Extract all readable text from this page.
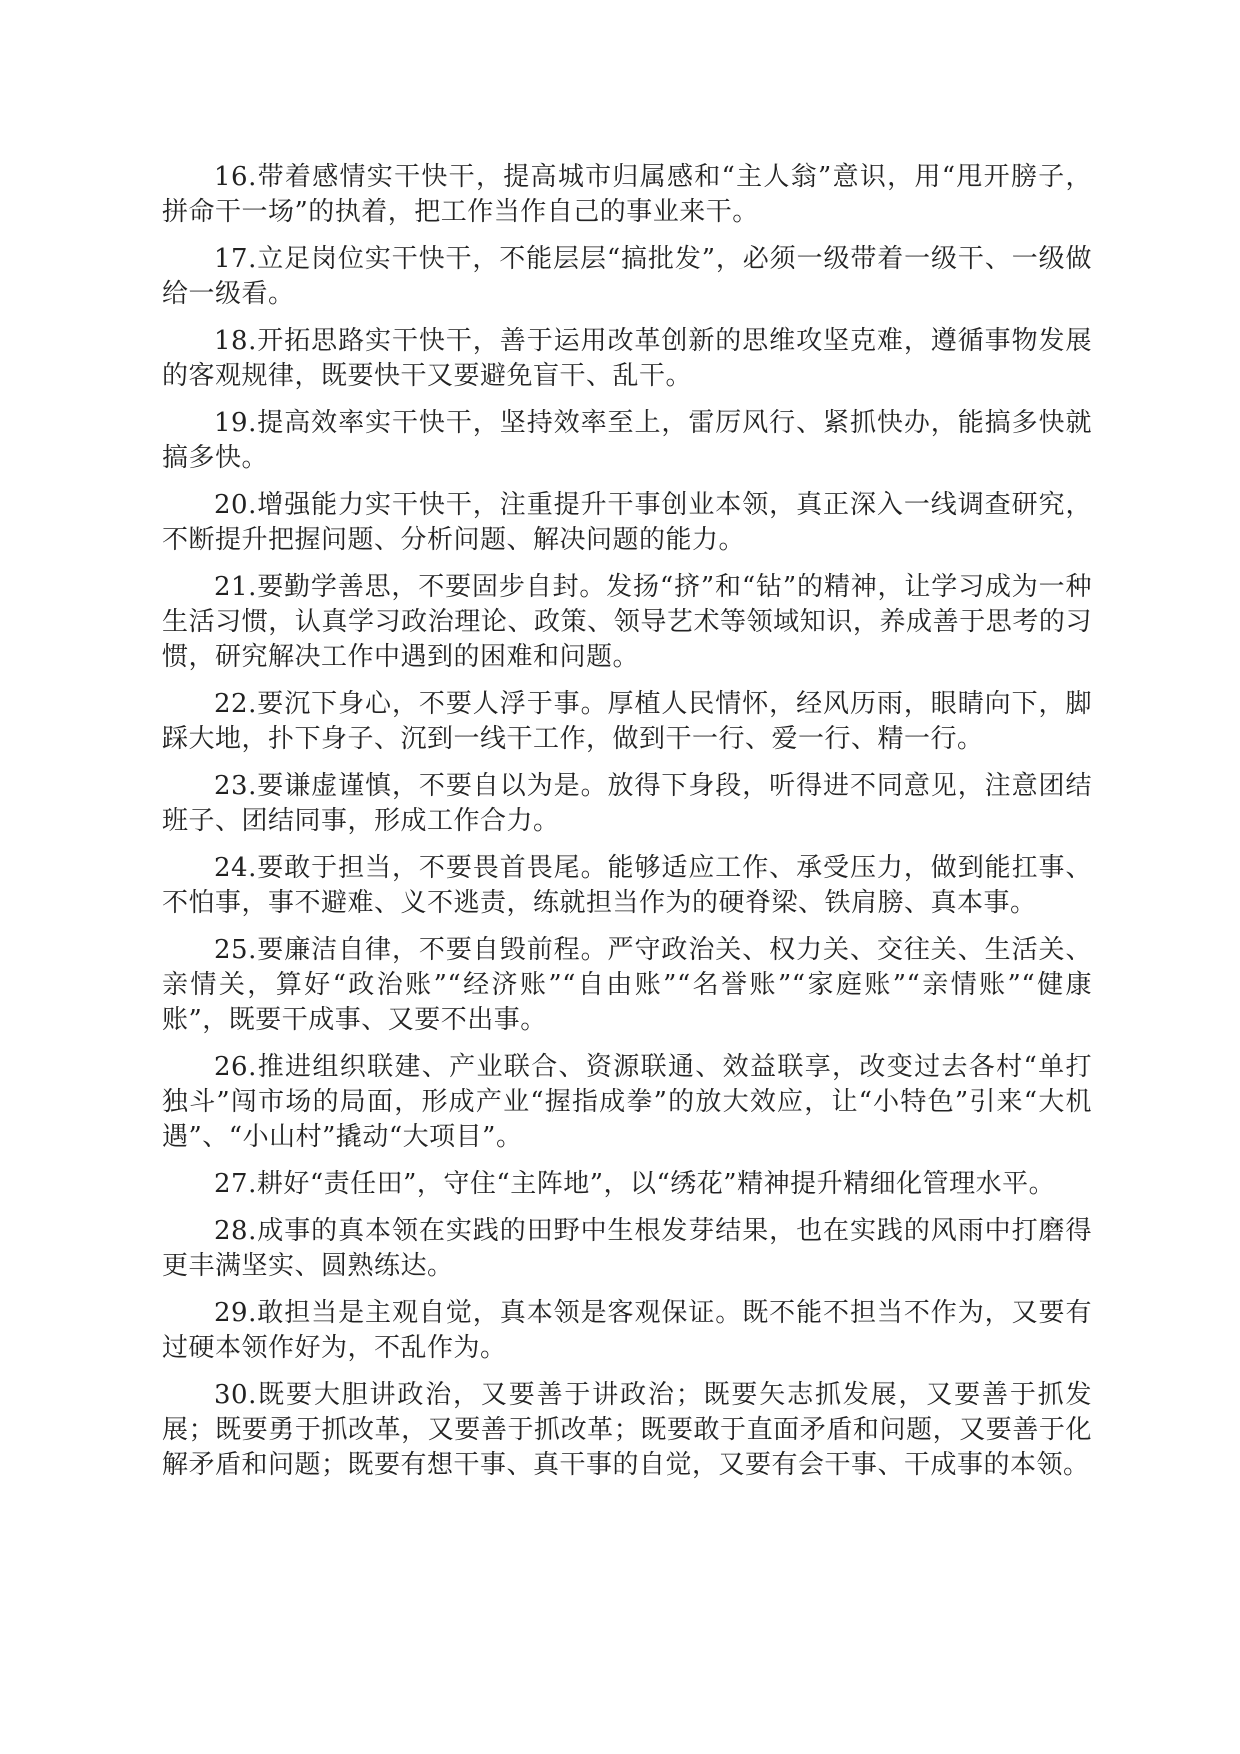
16.带着感情实干快干，提高城市归属感和“主人翁”意识，用“甩开膀子，拼命干一场”的执着，把工作当作自己的事业来干。

17.立足岗位实干快干，不能层层“搞批发”，必须一级带着一级干、一级做给一级看。

18.开拓思路实干快干，善于运用改革创新的思维攻坚克难，遵循事物发展的客观规律，既要快干又要避免盲干、乱干。

19.提高效率实干快干，坚持效率至上，雷厉风行、紧抓快办，能搞多快就搞多快。

20.增强能力实干快干，注重提升干事创业本领，真正深入一线调查研究，不断提升把握问题、分析问题、解决问题的能力。

21.要勤学善思，不要固步自封。发扬“挤”和“钻”的精神，让学习成为一种生活习惯，认真学习政治理论、政策、领导艺术等领域知识，养成善于思考的习惯，研究解决工作中遇到的困难和问题。

22.要沉下身心，不要人浮于事。厚植人民情怀，经风历雨，眼睛向下，脚踩大地，扑下身子、沉到一线干工作，做到干一行、爱一行、精一行。

23.要谦虚谨慎，不要自以为是。放得下身段，听得进不同意见，注意团结班子、团结同事，形成工作合力。

24.要敢于担当，不要畏首畏尾。能够适应工作、承受压力，做到能扛事、不怕事，事不避难、义不逃责，练就担当作为的硬脊梁、铁肩膀、真本事。

25.要廉洁自律，不要自毁前程。严守政治关、权力关、交往关、生活关、亲情关，算好“政治账”“经济账”“自由账”“名誉账”“家庭账”“亲情账”“健康账”，既要干成事、又要不出事。

26.推进组织联建、产业联合、资源联通、效益联享，改变过去各村“单打独斗”闯市场的局面，形成产业“握指成拳”的放大效应，让“小特色”引来“大机遇”、“小山村”撬动“大项目”。

27.耕好“责任田”，守住“主阵地”，以“绣花”精神提升精细化管理水平。

28.成事的真本领在实践的田野中生根发芽结果，也在实践的风雨中打磨得更丰满坚实、圆熟练达。

29.敢担当是主观自觉，真本领是客观保证。既不能不担当不作为，又要有过硬本领作好为，不乱作为。

30.既要大胆讲政治，又要善于讲政治；既要矢志抓发展，又要善于抓发展；既要勇于抓改革，又要善于抓改革；既要敢于直面矛盾和问题，又要善于化解矛盾和问题；既要有想干事、真干事的自觉，又要有会干事、干成事的本领。
